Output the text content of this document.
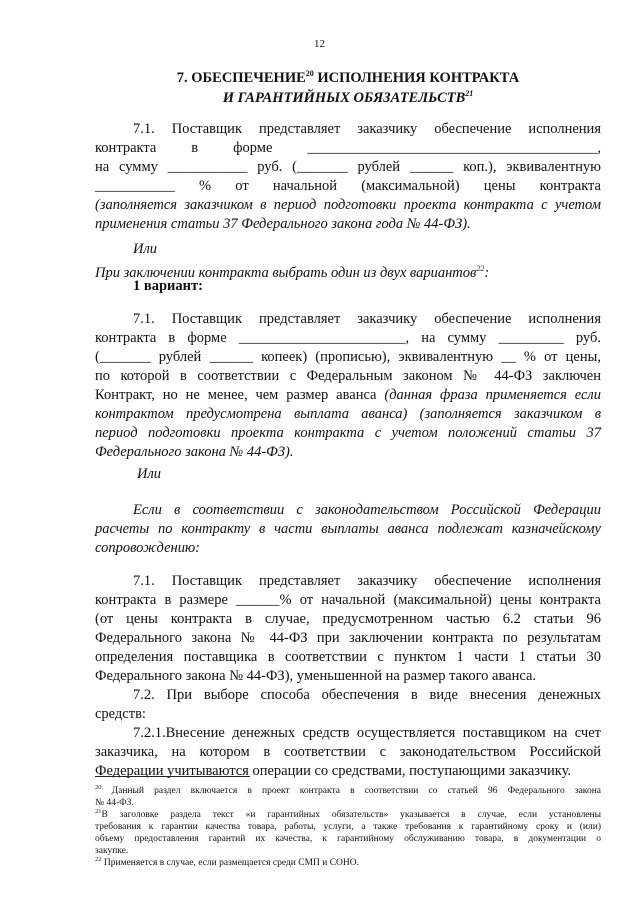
12
7. ОБЕСПЕЧЕНИЕ$^{20}$ ИСПОЛНЕНИЯ КОНТРАКТА
И ГАРАНТИЙНЫХ ОБЯЗАТЕЛЬСТВ$^{21}$
7.1. Поставщик представляет заказчику обеспечение исполнения
контракта в форме ________________________________________,
на сумму ___________ руб. (_______ рублей ______ коп.), эквивалентную
___________ % от начальной (максимальной) цены контракта
(заполняется заказчиком в период подготовки проекта контракта с учетом
применения статьи 37 Федерального закона года № 44-ФЗ).
Или
При заключении контракта выбрать один из двух вариантов$^{22}$:
1 вариант:
7.1. Поставщик представляет заказчику обеспечение исполнения
контракта в форме _______________________, на сумму _________ руб.
(_______ рублей ______ копеек) (прописью), эквивалентную __ % от цены,
по которой в соответствии с Федеральным законом № 44-ФЗ заключен
Контракт, но не менее, чем размер аванса (данная фраза применяется если
контрактом предусмотрена выплата аванса) (заполняется заказчиком в
период подготовки проекта контракта с учетом положений статьи 37
Федерального закона № 44-ФЗ).
Или
Если в соответствии с законодательством Российской Федерации
расчеты по контракту в части выплаты аванса подлежат казначейскому
сопровождению:
7.1. Поставщик представляет заказчику обеспечение исполнения
контракта в размере ______% от начальной (максимальной) цены контракта
(от цены контракта в случае, предусмотренном частью 6.2 статьи 96
Федерального закона № 44-ФЗ при заключении контракта по результатам
определения поставщика в соответствии с пунктом 1 части 1 статьи 30
Федерального закона № 44-ФЗ), уменьшенной на размер такого аванса.
7.2. При выборе способа обеспечения в виде внесения денежных
средств:
7.2.1.Внесение денежных средств осуществляется поставщиком на счет
заказчика, на котором в соответствии с законодательством Российской
Федерации учитываются операции со средствами, поступающими заказчику.
$^{20}$ Данный раздел включается в проект контракта в соответствии со статьей 96 Федерального закона
№ 44-ФЗ.
$^{21}$В заголовке раздела текст «и гарантийных обязательств» указывается в случае, если установлены
требования к гарантии качества товара, работы, услуги, а также требования к гарантийному сроку и (или)
объему предоставления гарантий их качества, к гарантийному обслуживанию товара, в документации о
закупке.
$^{22}$ Применяется в случае, если размещается среди СМП и СОНО.
